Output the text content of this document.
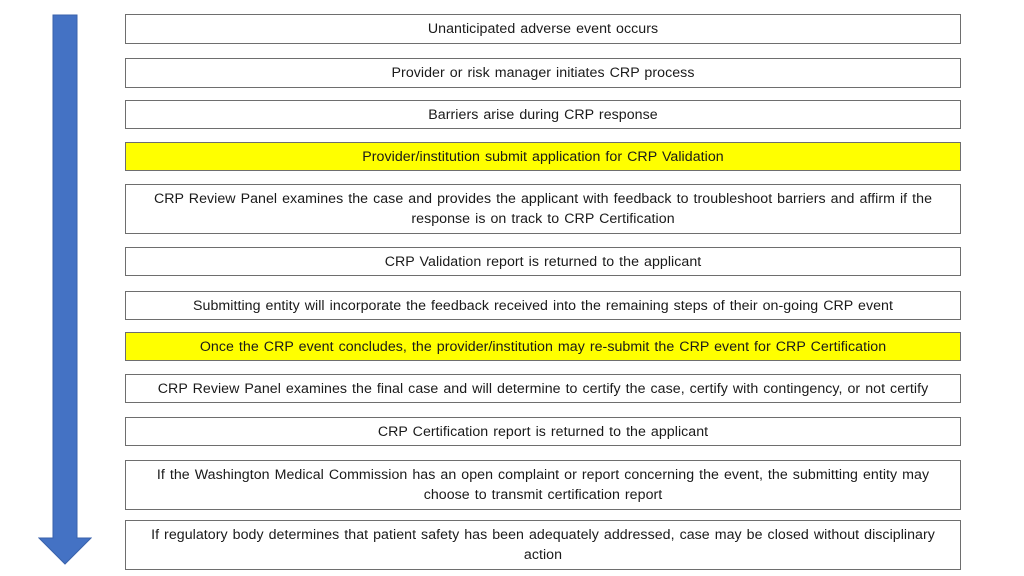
Unanticipated adverse event occurs
Provider or risk manager initiates CRP process
Barriers arise during CRP response
Provider/institution submit application for CRP Validation
CRP Review Panel examines the case and provides the applicant with feedback to troubleshoot barriers and affirm if the response is on track to CRP Certification
CRP Validation report is returned to the applicant
Submitting entity will incorporate the feedback received into the remaining steps of their on-going CRP event
Once the CRP event concludes, the provider/institution may re-submit the CRP event for CRP Certification
CRP Review Panel examines the final case and will determine to certify the case, certify with contingency, or not certify
CRP Certification report is returned to the applicant
If the Washington Medical Commission has an open complaint or report concerning the event, the submitting entity may choose to transmit certification report
If regulatory body determines that patient safety has been adequately addressed, case may be closed without disciplinary action
